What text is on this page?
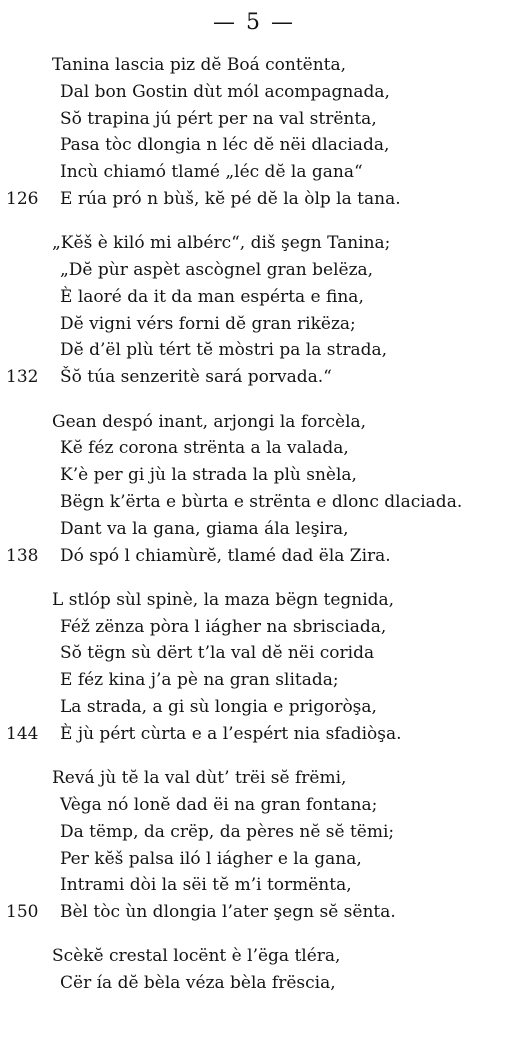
— 5 —
Tanina lascia piz dĕ Boá contënta,
Dal bon Gostin dùt mól acompagnada,
Sŏ trapina jú pért per na val strënta,
Pasa tòc dlongia n léc dĕ nëi dlaciada,
Incù chiamó tlamé „léc dĕ la gana“
126	E rúa pró n bùš, kĕ pé dĕ la òlp la tana.
„Kĕš è kiló mi albérc“, diš şegn Tanina;
„Dĕ pùr aspèt ascògnel gran belëza,
È laoré da it da man espérta e fina,
Dĕ vigni vérs forni dĕ gran rikëza;
Dĕ d’ël plù tért tĕ mòstri pa la strada,
132	Šŏ túa senzeritè sará porvada.“
Gean despó inant, arjongi la forcèla,
Kĕ féz corona strënta a la valada,
K’è per gi jù la strada la plù snèla,
Bëgn k’ërta e bùrta e strënta e dlonc dlaciada.
Dant va la gana, giama ála leşira,
138	Dó spó l chiamùrĕ, tlamé dad ëla Zira.
L stlóp sùl spinè, la maza bëgn tegnida,
Féž zënza pòra l iágher na sbrisciada,
Sŏ tëgn sù dërt t’la val dĕ nëi corida
E féz kina j’a pè na gran slitada;
La strada, a gi sù longia e prigoròşa,
144	È jù pért cùrta e a l’espért nia sfadiòşa.
Revá jù tĕ la val dùt’ trëi sĕ frëmi,
Vèga nó lonĕ dad ëi na gran fontana;
Da tëmp, da crëp, da pères nĕ sĕ tëmi;
Per kĕš palsa iló l iágher e la gana,
Intrami dòi la sëi tĕ m’i tormënta,
150	Bèl tòc ùn dlongia l’ater şegn sĕ sënta.
Scèkĕ crestal locënt è l’ëga tléra,
Cër ía dĕ bèla véza bèla frëscia,
